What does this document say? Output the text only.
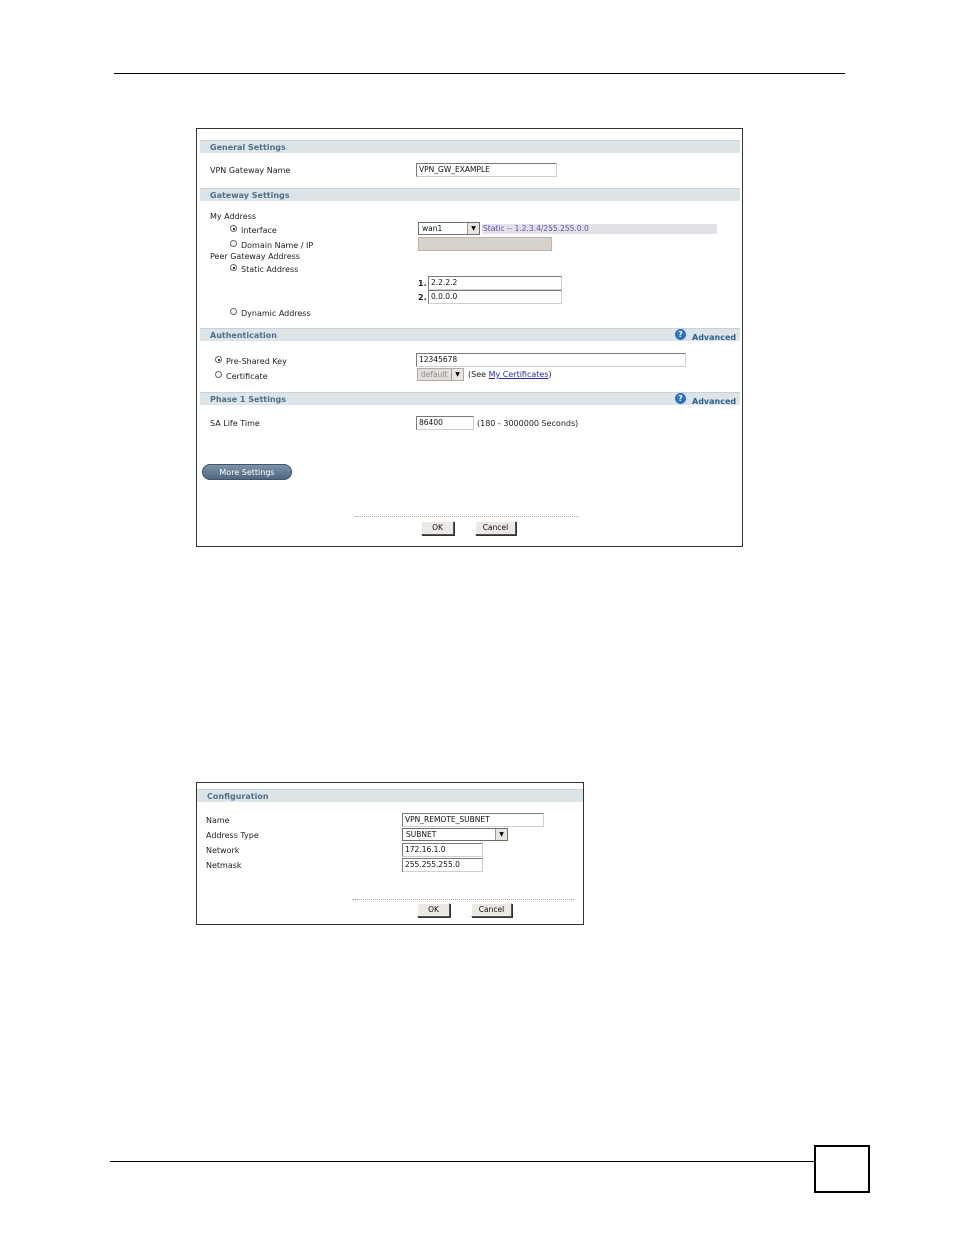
General Settings
VPN Gateway Name	VPN_GW_EXAMPLE
Gateway Settings
My Address
Interface	wan1	▼ Static -- 1.2.3.4/255.255.0.0
Domain Name / IP
Peer Gateway Address
Static Address
1. 2.2.2.2
2. 0.0.0.0
Dynamic Address
Authentication	?	Advanced
Pre-Shared Key	12345678
Certificate	default	▼	(See My Certificates)
Phase 1 Settings	?	Advanced
SA Life Time	86400	(180 - 3000000 Seconds)
More Settings
OK	Cancel
Configuration
Name	VPN_REMOTE_SUBNET
Address Type	SUBNET	▼
Network	172.16.1.0
Netmask	255.255.255.0
OK	Cancel
